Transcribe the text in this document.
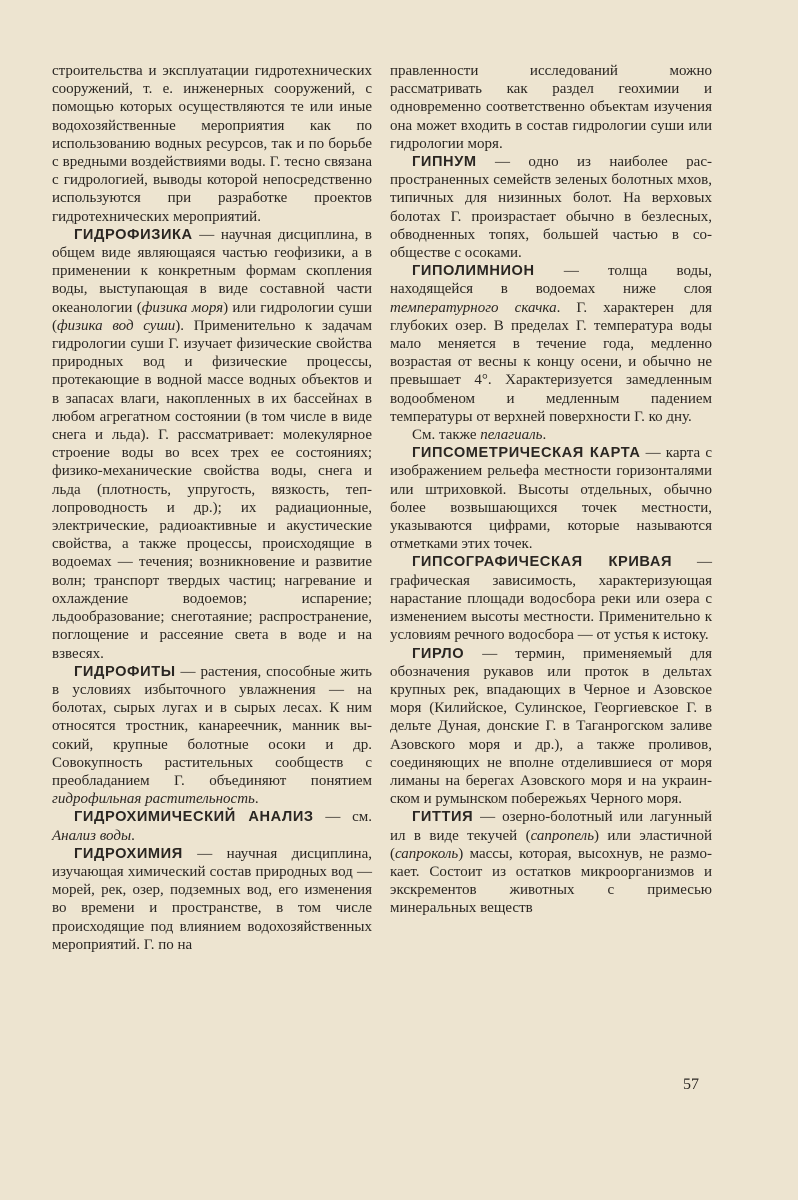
строительства и эксплуатации гидротехнических сооружений, т. е. инженерных сооружений, с помощью которых осуществляются те или иные водохозяйственные мероприятия как по использованию водных ресурсов, так и по борьбе с вредными воздействиями воды. Г. тесно связана с гидрологией, выводы которой непосредственно используются при разработке проектов гидротехнических мероприятий.

ГИДРОФИЗИКА — научная дисциплина, в общем виде являющаяся частью геофизики, а в применении к конкретным формам скопления воды, выступающая в виде составной части океанологии (физика моря) или гидрологии суши (физика вод суши). Применительно к задачам гидрологии суши Г. изучает физические свойства природных вод и физические процессы, протекающие в водной массе водных объектов и в запасах влаги, накопленных в их бассейнах в любом агрегатном состоянии (в том числе в виде снега и льда). Г. рассматривает: молекулярное строение воды во всех трех ее состояниях; физико-механические свойства воды, снега и льда (плотность, упругость, вязкость, теплопроводность и др.); их радиационные, электрические, радиоактивные и акустические свойства, а также процессы, происходящие в водоемах — течения; возникновение и развитие волн; транспорт твердых частиц; нагревание и охлаждение водоемов; испарение; льдообразование; снеготаяние; распространение, поглощение и рассеяние света в воде и на взвесях.

ГИДРОФИТЫ — растения, способные жить в условиях избыточного увлажнения — на болотах, сырых лугах и в сырых лесах. К ним относятся тростник, канареечник, манник высокий, крупные болотные осоки и др. Совокупность растительных сообществ с преобладанием Г. объединяют понятием гидрофильная растительность.

ГИДРОХИМИЧЕСКИЙ АНАЛИЗ — см. Анализ воды.

ГИДРОХИМИЯ — научная дисциплина, изучающая химический состав природных вод — морей, рек, озер, подземных вод, его изменения во времени и пространстве, в том числе происходящие под влиянием водохозяйственных мероприятий. Г. по на

правленности исследований можно рассматривать как раздел геохимии и одновременно соответственно объектам изучения она может входить в состав гидрологии суши или гидрологии моря.

ГИПНУМ — одно из наиболее распространенных семейств зеленых болотных мхов, типичных для низинных болот. На верховых болотах Г. произрастает обычно в безлесных, обводненных топях, большей частью в сообществе с осоками.

ГИПОЛИМНИОН — толща воды, находящейся в водоемах ниже слоя температурного скачка. Г. характерен для глубоких озер. В пределах Г. температура воды мало меняется в течение года, медленно возрастая от весны к концу осени, и обычно не превышает 4°. Характеризуется замедленным водообменом и медленным падением температуры от верхней поверхности Г. ко дну.

См. также пелагиаль.

ГИПСОМЕТРИЧЕСКАЯ КАРТА — карта с изображением рельефа местности горизонталями или штриховкой. Высоты отдельных, обычно более возвышающихся точек местности, указываются цифрами, которые называются отметками этих точек.

ГИПСОГРАФИЧЕСКАЯ КРИВАЯ — графическая зависимость, характеризующая нарастание площади водосбора реки или озера с изменением высоты местности. Применительно к условиям речного водосбора — от устья к истоку.

ГИРЛО — термин, применяемый для обозначения рукавов или проток в дельтах крупных рек, впадающих в Черное и Азовское моря (Килийское, Сулинское, Георгиевское Г. в дельте Дуная, донские Г. в Таганрогском заливе Азовского моря и др.), а также проливов, соединяющих не вполне отделившиеся от моря лиманы на берегах Азовского моря и на украинском и румынском побережьях Черного моря.

ГИТТИЯ — озерно-болотный или лагунный ил в виде текучей (сапропель) или эластичной (сапроколь) массы, которая, высохнув, не размокает. Состоит из остатков микроорганизмов и экскрементов животных с примесью минеральных веществ

57
